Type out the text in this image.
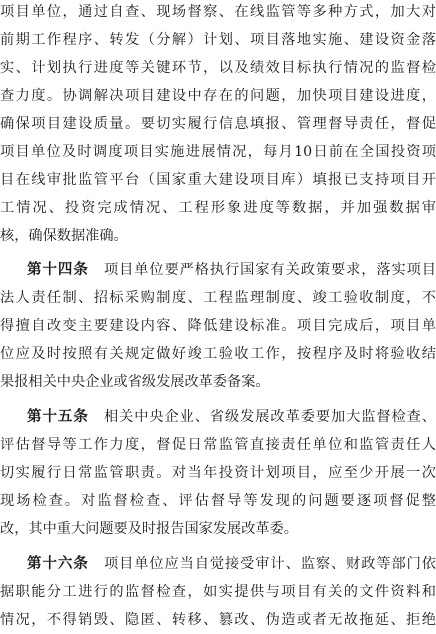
项目单位，通过自查、现场督察、在线监管等多种方式，加大对
前期工作程序、转发（分解）计划、项目落地实施、建设资金落
实、计划执行进度等关键环节，以及绩效目标执行情况的监督检
查力度。协调解决项目建设中存在的问题，加快项目建设进度，
确保项目建设质量。要切实履行信息填报、管理督导责任，督促
项目单位及时调度项目实施进展情况，每月10日前在全国投资项
目在线审批监管平台（国家重大建设项目库）填报已支持项目开
工情况、投资完成情况、工程形象进度等数据，并加强数据审
核，确保数据准确。
第十四条　 项目单位要严格执行国家有关政策要求，落实项目
法人责任制、招标采购制度、工程监理制度、竣工验收制度，不
得擅自改变主要建设内容、降低建设标准。项目完成后，项目单
位应及时按照有关规定做好竣工验收工作，按程序及时将验收结
果报相关中央企业或省级发展改革委备案。
第十五条　 相关中央企业、省级发展改革委要加大监督检查、
评估督导等工作力度，督促日常监管直接责任单位和监管责任人
切实履行日常监管职责。对当年投资计划项目，应至少开展一次
现场检查。对监督检查、评估督导等发现的问题要逐项督促整
改，其中重大问题要及时报告国家发展改革委。
第十六条　 项目单位应当自觉接受审计、监察、财政等部门依
据职能分工进行的监督检查，如实提供与项目有关的文件资料和
情况，不得销毁、隐匿、转移、篡改、伪造或者无故拖延、拒绝
